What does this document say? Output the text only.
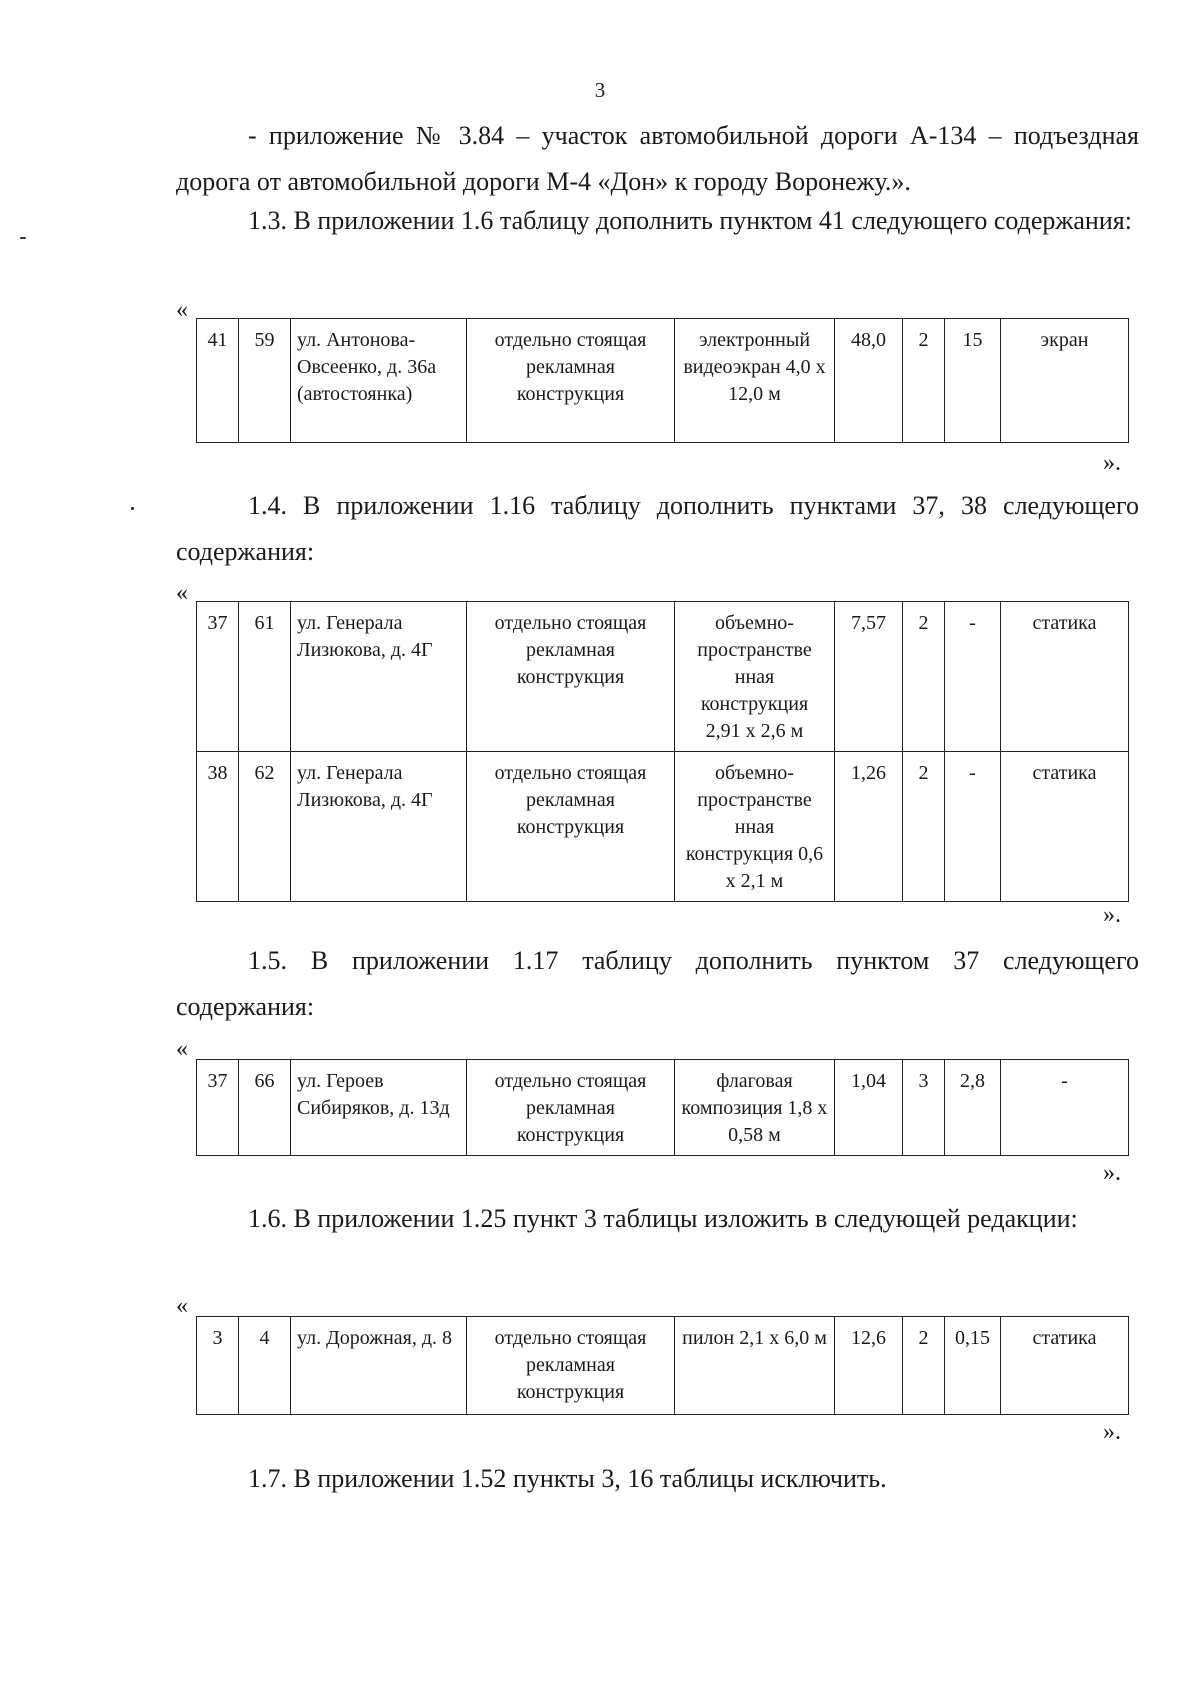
3

- приложение № 3.84 – участок автомобильной дороги А-134 – подъездная дорога от автомобильной дороги М-4 «Дон» к городу Воронежу.».

1.3. В приложении 1.6 таблицу дополнить пунктом 41 следующего содержания:

«
41	59	ул. Антонова-Овсеенко, д. 36а (автостоянка)	отдельно стоящая рекламная конструкция	электронный видеоэкран 4,0 х 12,0 м	48,0	2	15	экран
».

1.4. В приложении 1.16 таблицу дополнить пунктами 37, 38 следующего содержания:

«
37	61	ул. Генерала Лизюкова, д. 4Г	отдельно стоящая рекламная конструкция	объемно-пространстве нная конструкция 2,91 х 2,6 м	7,57	2	-	статика
38	62	ул. Генерала Лизюкова, д. 4Г	отдельно стоящая рекламная конструкция	объемно-пространстве нная конструкция 0,6 х 2,1 м	1,26	2	-	статика
».

1.5. В приложении 1.17 таблицу дополнить пунктом 37 следующего содержания:

«
37	66	ул. Героев Сибиряков, д. 13д	отдельно стоящая рекламная конструкция	флаговая композиция 1,8 х 0,58 м	1,04	3	2,8	-
».

1.6. В приложении 1.25 пункт 3 таблицы изложить в следующей редакции:

«
3	4	ул. Дорожная, д. 8	отдельно стоящая рекламная конструкция	пилон 2,1 х 6,0 м	12,6	2	0,15	статика
».

1.7. В приложении 1.52 пункты 3, 16 таблицы исключить.
